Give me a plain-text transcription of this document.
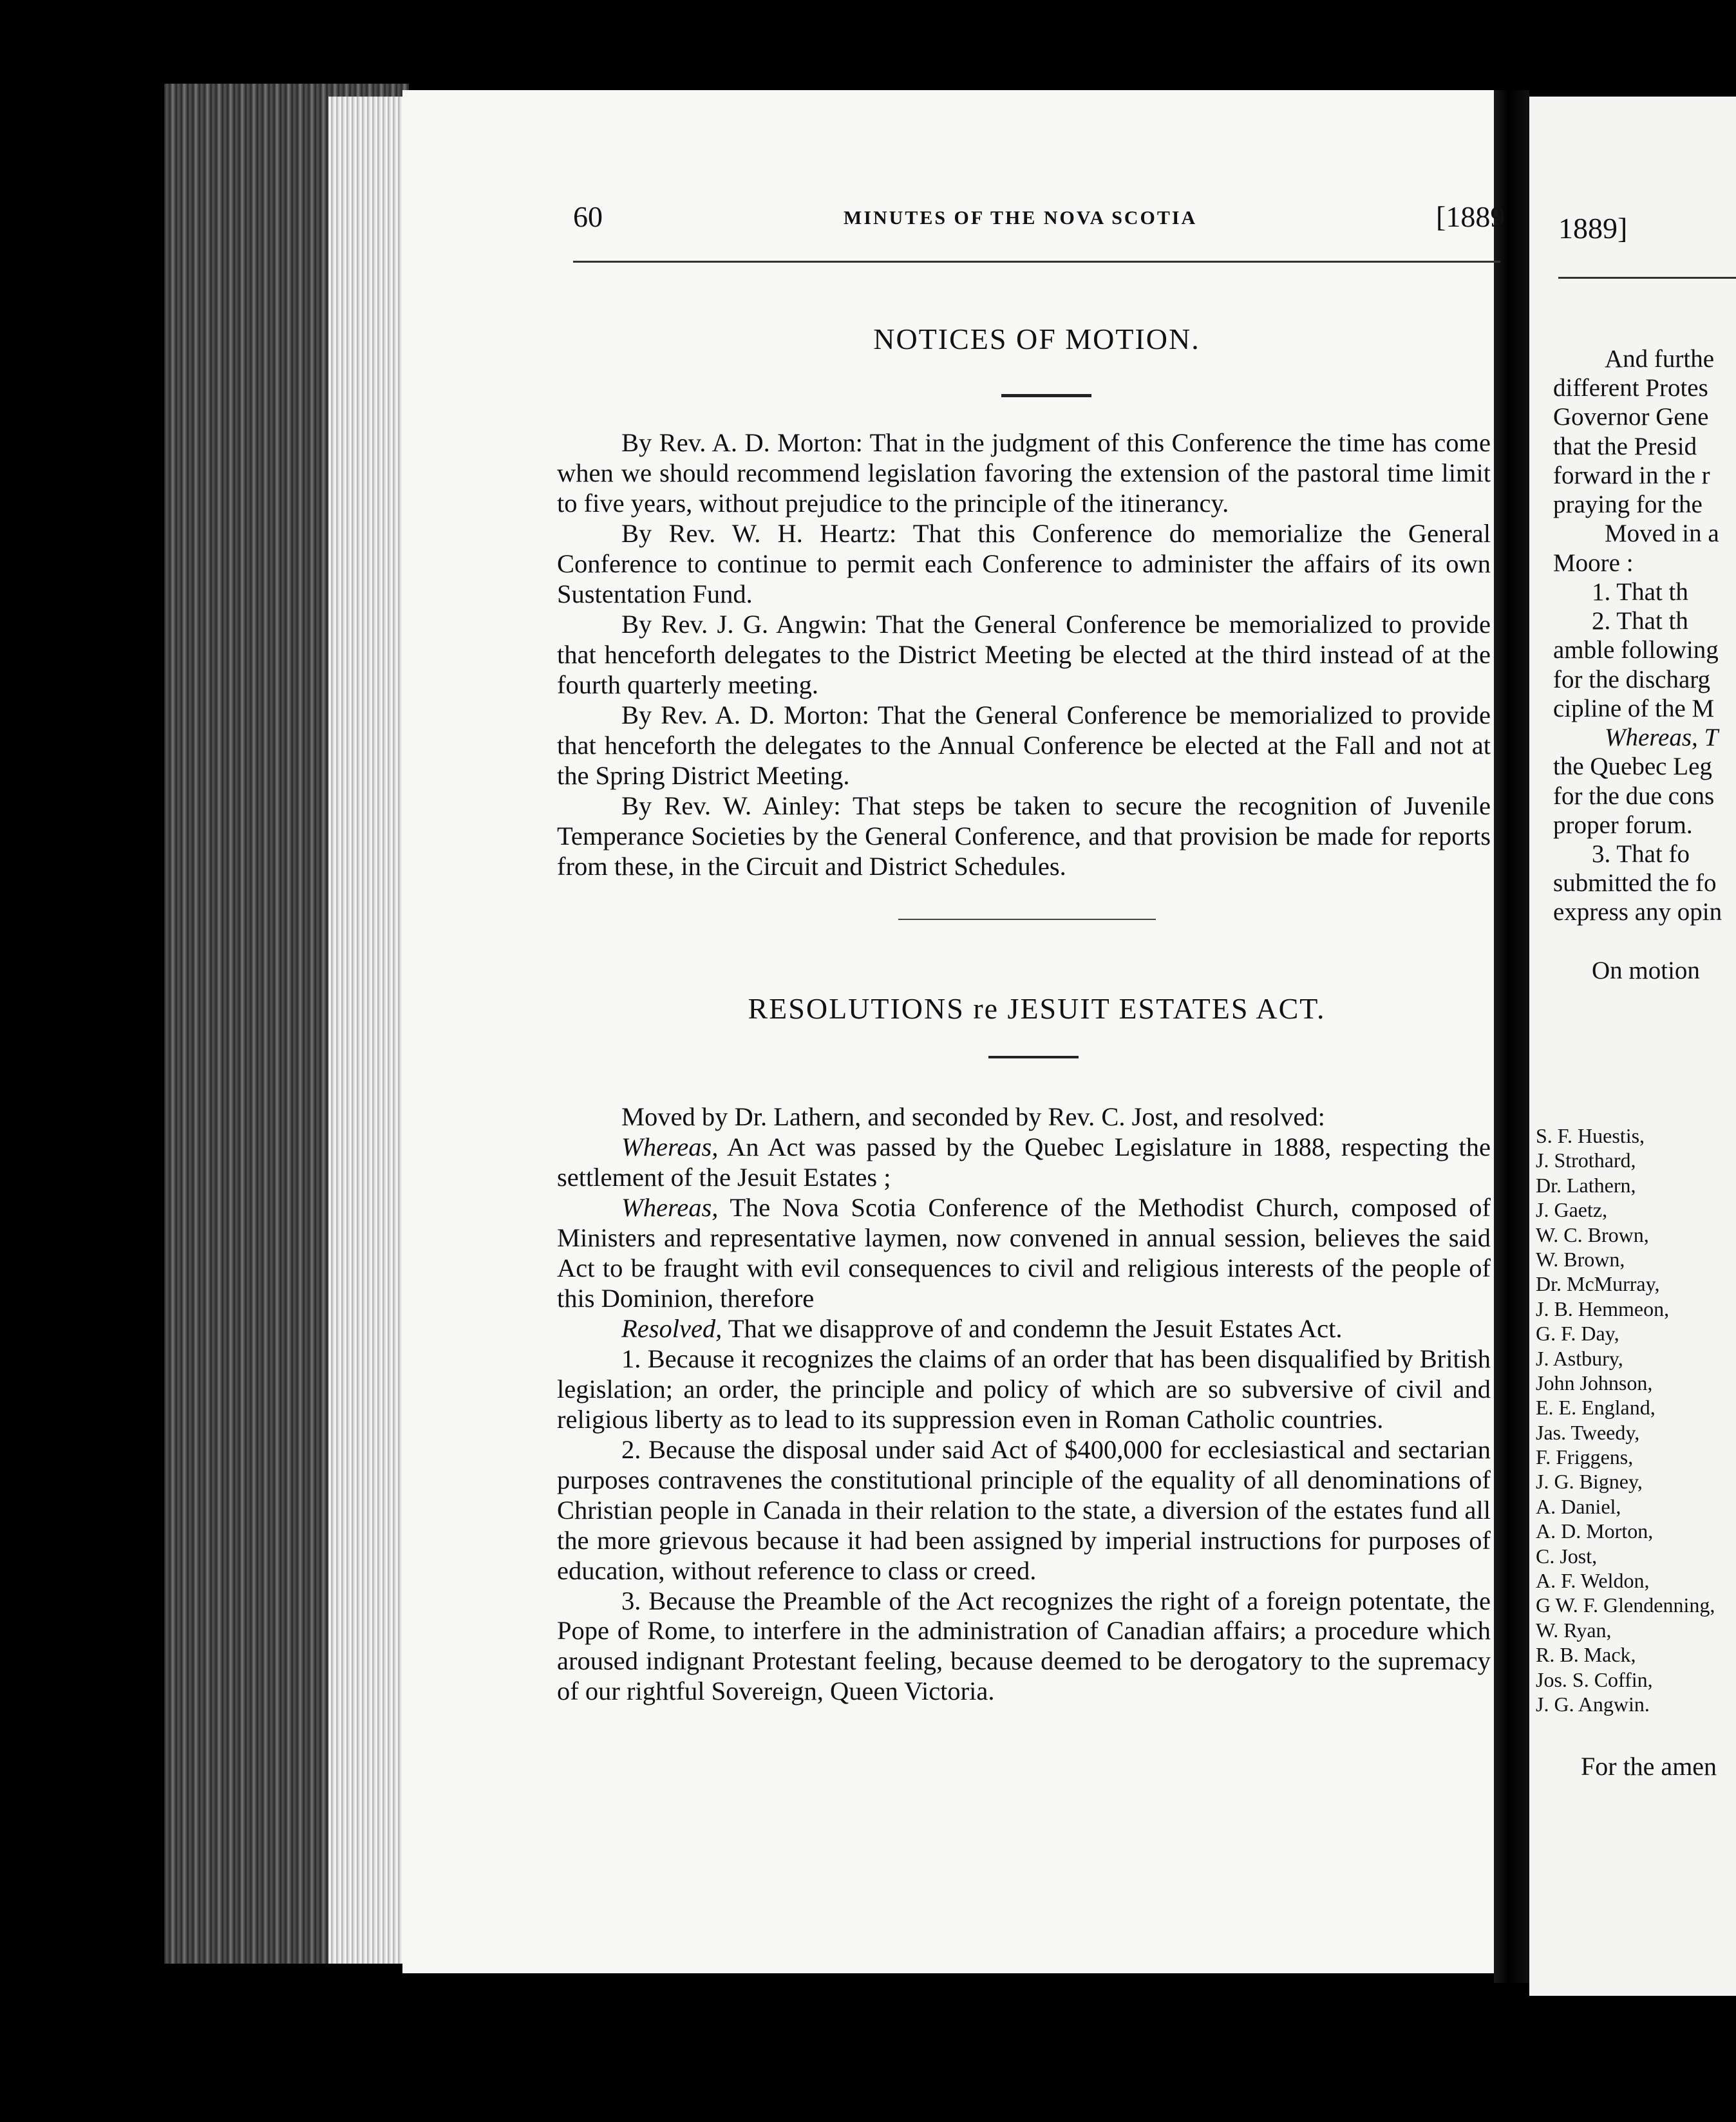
60	MINUTES OF THE NOVA SCOTIA	[1889
NOTICES OF MOTION.

By Rev. A. D. Morton: That in the judgment of this Conference the time has come when we should recommend legislation favoring the extension of the pastoral time limit to five years, without prejudice to the principle of the itinerancy.

By Rev. W. H. Heartz: That this Conference do memorialize the General Conference to continue to permit each Conference to administer the affairs of its own Sustentation Fund.

By Rev. J. G. Angwin: That the General Conference be memorialized to provide that henceforth delegates to the District Meeting be elected at the third instead of at the fourth quarterly meeting.

By Rev. A. D. Morton: That the General Conference be memorialized to provide that henceforth the delegates to the Annual Conference be elected at the Fall and not at the Spring District Meeting.

By Rev. W. Ainley: That steps be taken to secure the recognition of Juvenile Temperance Societies by the General Conference, and that provision be made for reports from these, in the Circuit and District Schedules.

RESOLUTIONS re JESUIT ESTATES ACT.

Moved by Dr. Lathern, and seconded by Rev. C. Jost, and resolved:

Whereas, An Act was passed by the Quebec Legislature in 1888, respecting the settlement of the Jesuit Estates ;

Whereas, The Nova Scotia Conference of the Methodist Church, composed of Ministers and representative laymen, now convened in annual session, believes the said Act to be fraught with evil consequences to civil and religious interests of the people of this Dominion, therefore

Resolved, That we disapprove of and condemn the Jesuit Estates Act.

1. Because it recognizes the claims of an order that has been disqualified by British legislation; an order, the principle and policy of which are so subversive of civil and religious liberty as to lead to its suppression even in Roman Catholic countries.

2. Because the disposal under said Act of $400,000 for ecclesiastical and sectarian purposes contravenes the constitutional principle of the equality of all denominations of Christian people in Canada in their relation to the state, a diversion of the estates fund all the more grievous because it had been assigned by imperial instructions for purposes of education, without reference to class or creed.

3. Because the Preamble of the Act recognizes the right of a foreign potentate, the Pope of Rome, to interfere in the administration of Canadian affairs; a procedure which aroused indignant Protestant feeling, because deemed to be derogatory to the supremacy of our rightful Sovereign, Queen Victoria.

1889]

And furthe

different Protes

Governor Gene

that the Presid

forward in the r

praying for the

Moved in a

Moore :

1. That th

2. That th

amble following

for the discharg

cipline of the M

Whereas, T

the Quebec Leg

for the due cons

proper forum.

3. That fo

submitted the fo

express any opin

On motion

S. F. Huestis,
J. Strothard,
Dr. Lathern,
J. Gaetz,
W. C. Brown,
W. Brown,
Dr. McMurray,
J. B. Hemmeon,
G. F. Day,
J. Astbury,
John Johnson,
E. E. England,
Jas. Tweedy,
F. Friggens,
J. G. Bigney,
A. Daniel,
A. D. Morton,
C. Jost,
A. F. Weldon,
G W. F. Glendenning,
W. Ryan,
R. B. Mack,
Jos. S. Coffin,
J. G. Angwin.
For the amen
